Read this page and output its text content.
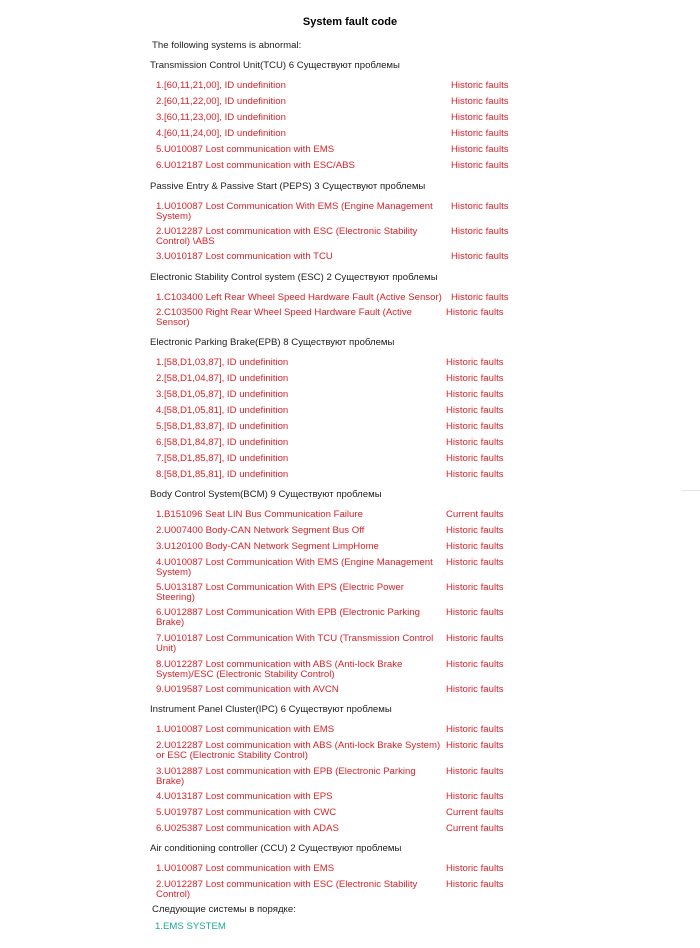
System fault code
The following systems is abnormal:
Transmission Control Unit(TCU) 6 Существуют проблемы
1.[60,11,21,00], ID undefinition	Historic faults
2.[60,11,22,00], ID undefinition	Historic faults
3.[60,11,23,00], ID undefinition	Historic faults
4.[60,11,24,00], ID undefinition	Historic faults
5.U010087 Lost communication with EMS	Historic faults
6.U012187 Lost communication with ESC/ABS	Historic faults
Passive Entry & Passive Start (PEPS) 3 Существуют проблемы
1.U010087 Lost Communication With EMS (Engine Management System)
Historic faults
2.U012287 Lost communication with ESC (Electronic Stability Control) \ABS
Historic faults
3.U010187 Lost communication with TCU	Historic faults
Electronic Stability Control system (ESC) 2 Существуют проблемы
1.C103400 Left Rear Wheel Speed Hardware Fault (Active Sensor) Historic faults
2.C103500 Right Rear Wheel Speed Hardware Fault (Active Sensor)
Historic faults
Electronic Parking Brake(EPB) 8 Существуют проблемы
1.[58,D1,03,87], ID undefinition	Historic faults
2.[58,D1,04,87], ID undefinition	Historic faults
3.[58,D1,05,87], ID undefinition	Historic faults
4.[58,D1,05,81], ID undefinition	Historic faults
5.[58,D1,83,87], ID undefinition	Historic faults
6.[58,D1,84,87], ID undefinition	Historic faults
7.[58,D1,85,87], ID undefinition	Historic faults
8.[58,D1,85,81], ID undefinition	Historic faults
Body Control System(BCM) 9 Существуют проблемы
1.B151096 Seat LIN Bus Communication Failure	Current faults
2.U007400 Body-CAN Network Segment Bus Off	Historic faults
3.U120100 Body-CAN Network Segment LimpHome	Historic faults
4.U010087 Lost Communication With EMS (Engine Management System)
Historic faults
5.U013187 Lost Communication With EPS (Electric Power Steering)
Historic faults
6.U012887 Lost Communication With EPB (Electronic Parking Brake)
Historic faults
7.U010187 Lost Communication With TCU (Transmission Control Unit)
Historic faults
8.U012287 Lost communication with ABS (Anti-lock Brake System)/ESC (Electronic Stability Control)
Historic faults
9.U019587 Lost communication with AVCN	Historic faults
Instrument Panel Cluster(IPC) 6 Существуют проблемы
1.U010087 Lost communication with EMS	Historic faults
2.U012287 Lost communication with ABS (Anti-lock Brake System) or ESC (Electronic Stability Control)
Historic faults
3.U012887 Lost communication with EPB (Electronic Parking Brake)
Historic faults
4.U013187 Lost communication with EPS	Historic faults
5.U019787 Lost communication with CWC	Current faults
6.U025387 Lost communication with ADAS	Current faults
Air conditioning controller (CCU) 2 Существуют проблемы
1.U010087 Lost communication with EMS	Historic faults
2.U012287 Lost communication with ESC (Electronic Stability Control)
Historic faults
Следующие системы в порядке:
1.EMS SYSTEM
